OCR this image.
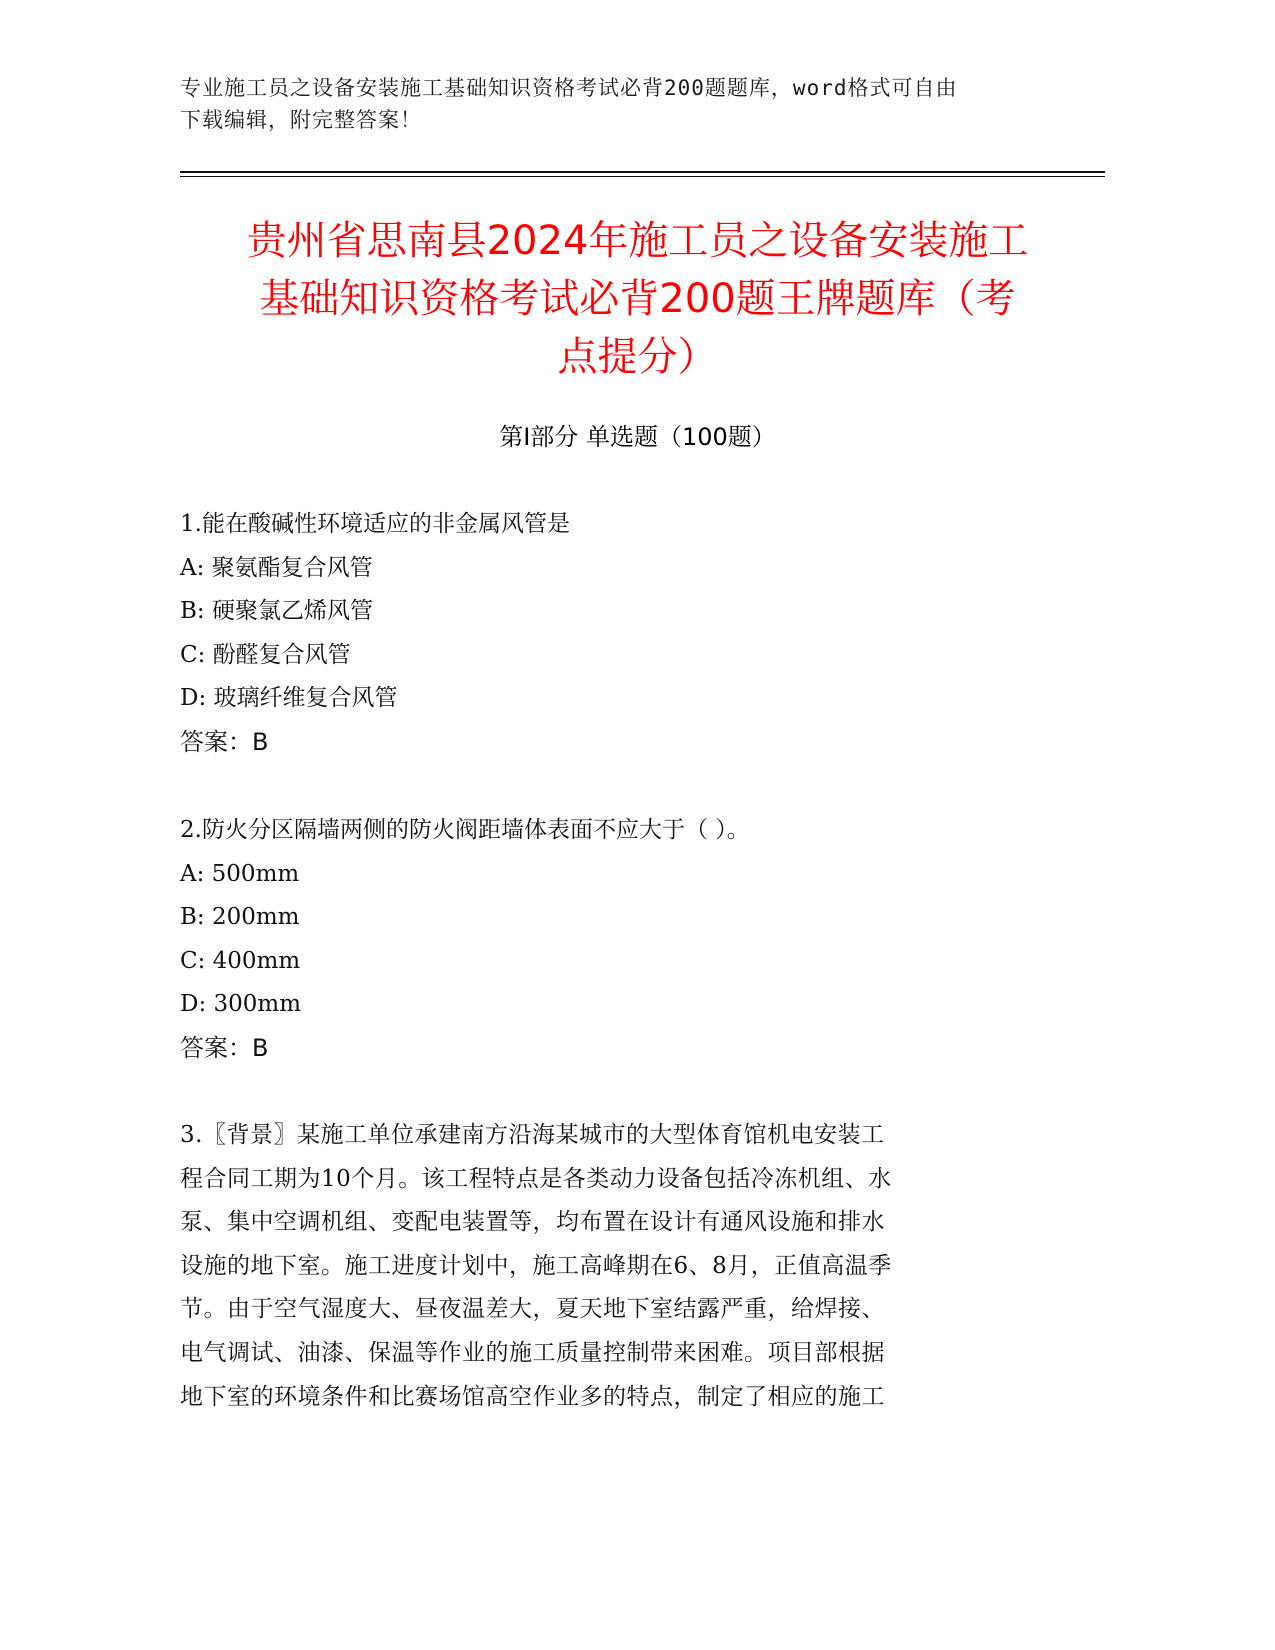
专业施工员之设备安装施工基础知识资格考试必背200题题库，word格式可自由
下载编辑，附完整答案！
贵州省思南县2024年施工员之设备安装施工
基础知识资格考试必背200题王牌题库（考
点提分）
第I部分 单选题（100题）
1.能在酸碱性环境适应的非金属风管是
A: 聚氨酯复合风管
B: 硬聚氯乙烯风管
C: 酚醛复合风管
D: 玻璃纤维复合风管
答案：B
2.防火分区隔墙两侧的防火阀距墙体表面不应大于（ ）。
A: 500mm
B: 200mm
C: 400mm
D: 300mm
答案：B
3.〖背景〗某施工单位承建南方沿海某城市的大型体育馆机电安装工
程合同工期为10个月。该工程特点是各类动力设备包括冷冻机组、水
泵、集中空调机组、变配电装置等，均布置在设计有通风设施和排水
设施的地下室。施工进度计划中，施工高峰期在6、8月，正值高温季
节。由于空气湿度大、昼夜温差大，夏天地下室结露严重，给焊接、
电气调试、油漆、保温等作业的施工质量控制带来困难。项目部根据
地下室的环境条件和比赛场馆高空作业多的特点，制定了相应的施工
